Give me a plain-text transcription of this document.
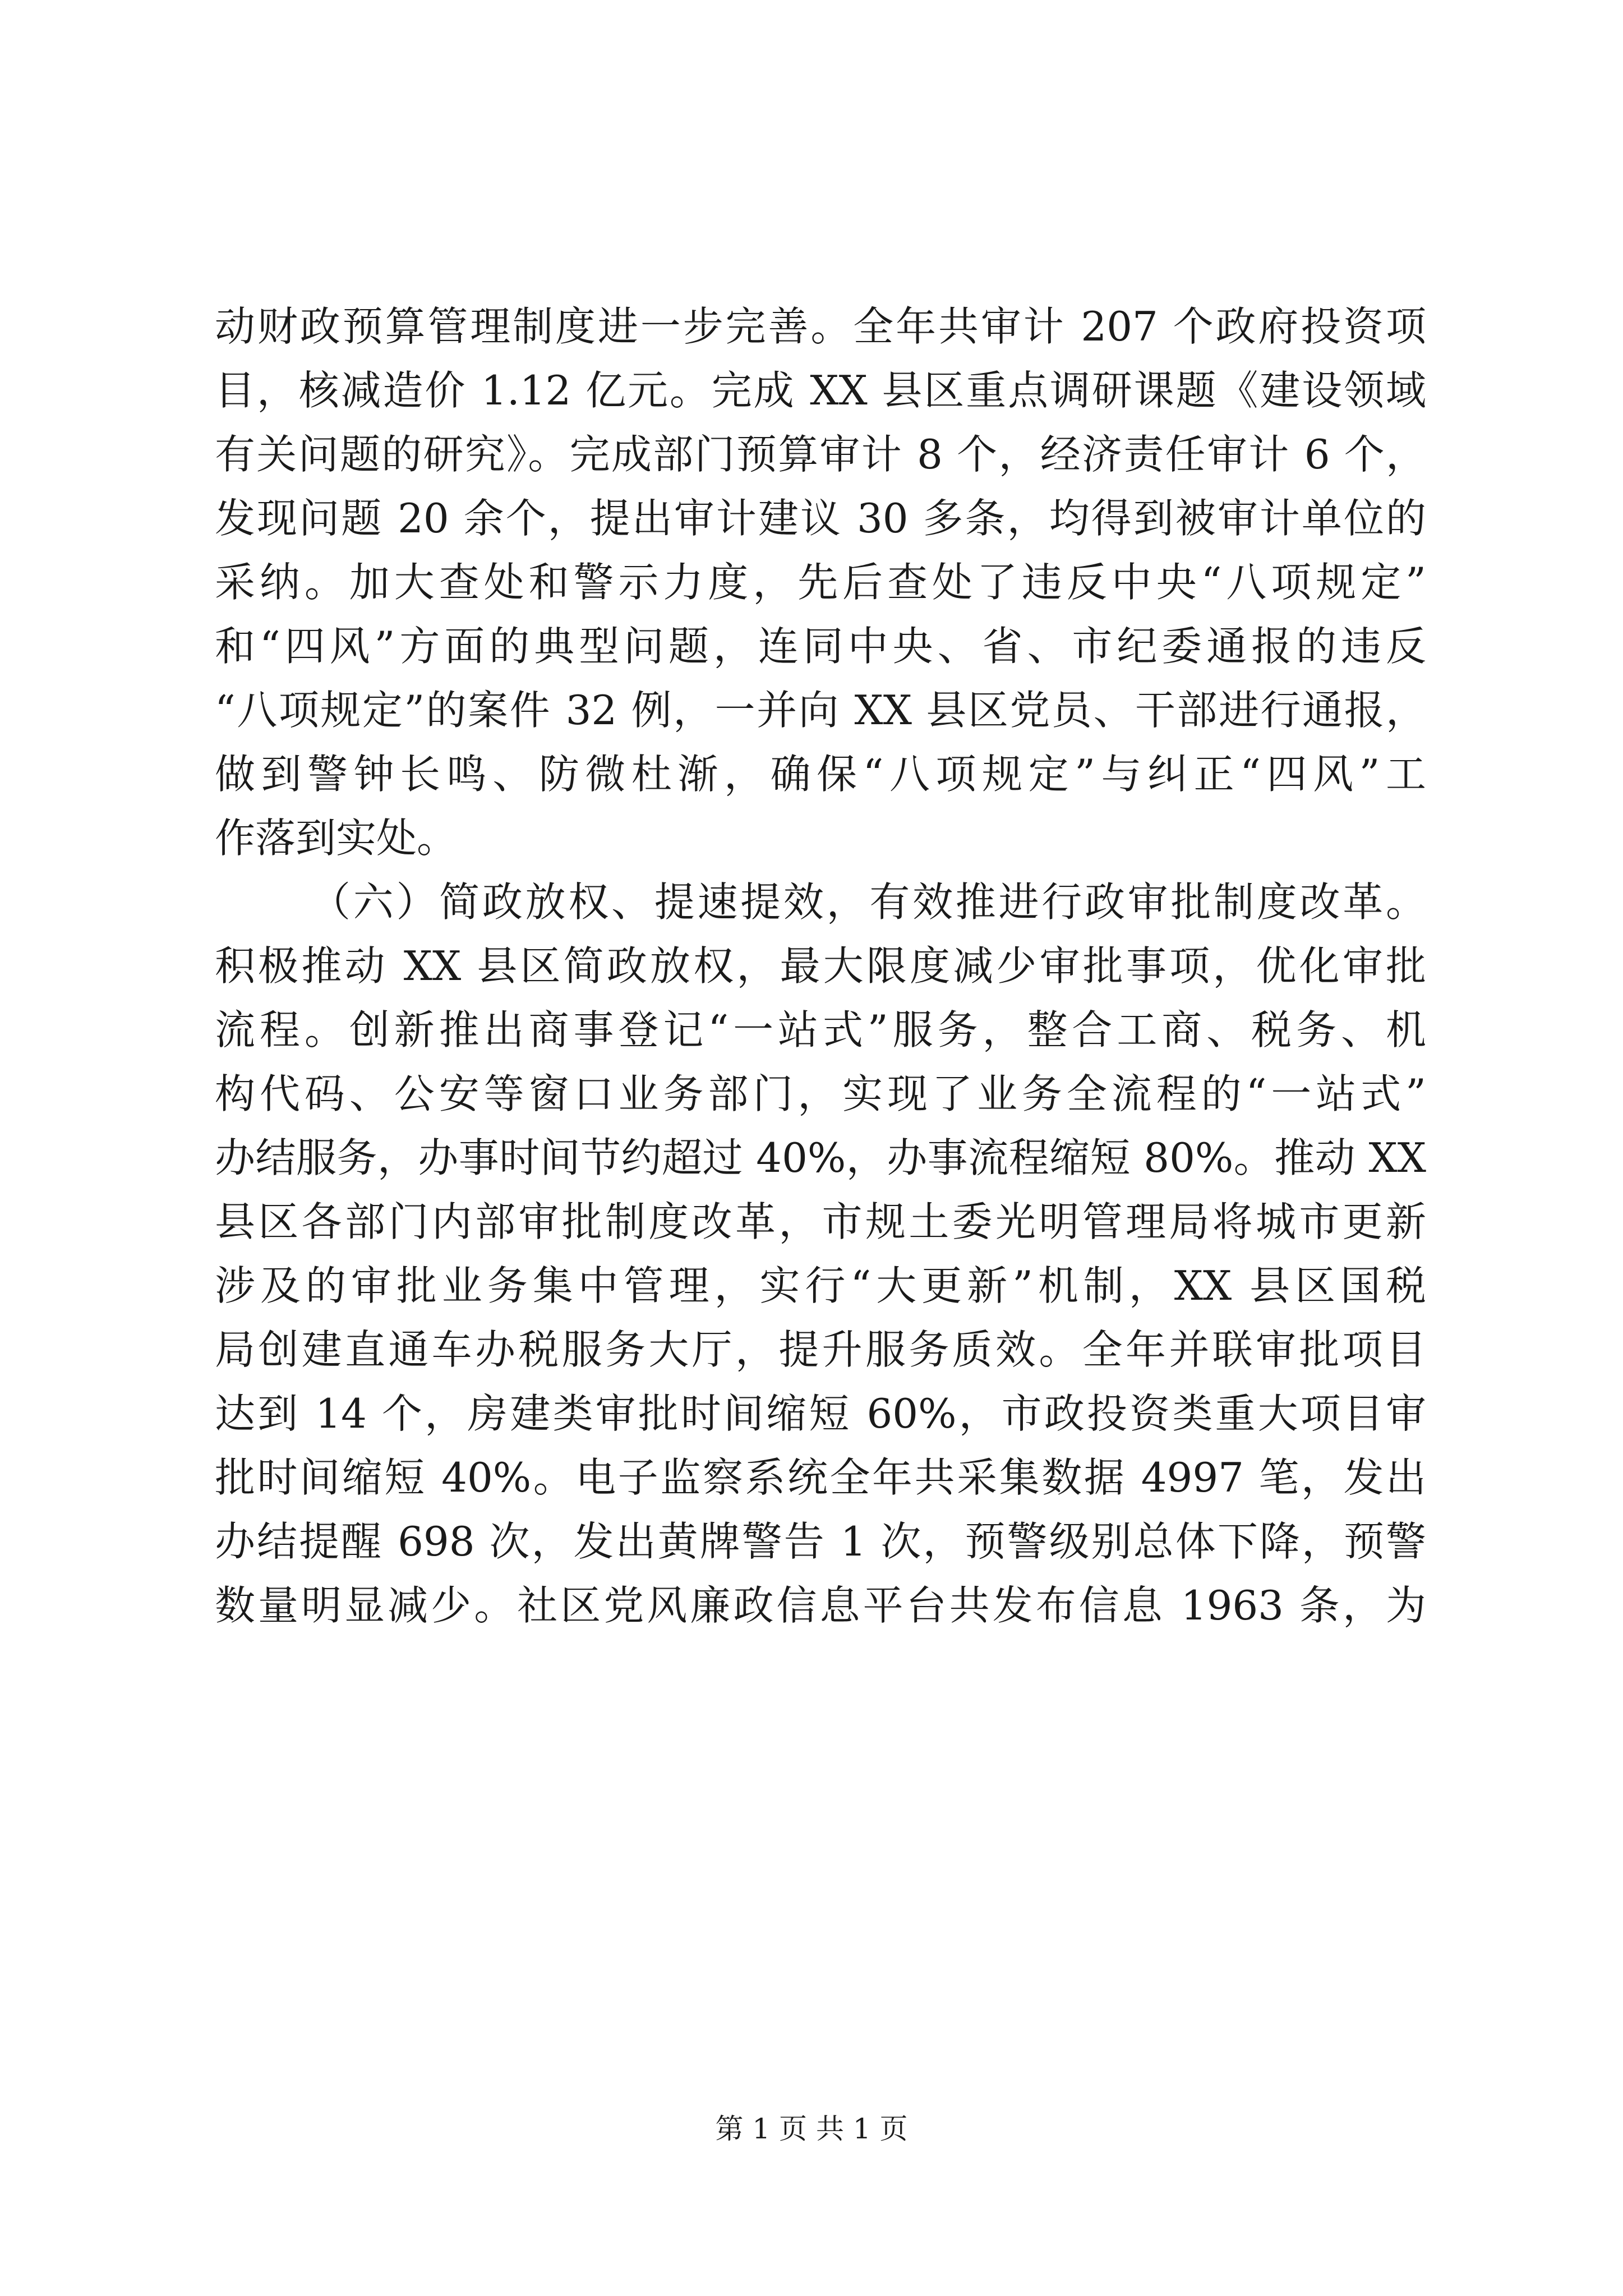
动财政预算管理制度进一步完善。全年共审计 207 个政府投资项
目，核减造价 1.12 亿元。完成 XX 县区重点调研课题《建设领域
有关问题的研究》。完成部门预算审计 8 个，经济责任审计 6 个，
发现问题 20 余个，提出审计建议 30 多条，均得到被审计单位的
采纳。加大查处和警示力度，先后查处了违反中央“八项规定”
和“四风”方面的典型问题，连同中央、省、市纪委通报的违反
“八项规定”的案件 32 例，一并向 XX 县区党员、干部进行通报，
做到警钟长鸣、防微杜渐，确保“八项规定”与纠正“四风”工
作落到实处。
（六）简政放权、提速提效，有效推进行政审批制度改革。
积极推动 XX 县区简政放权，最大限度减少审批事项，优化审批
流程。创新推出商事登记“一站式”服务，整合工商、税务、机
构代码、公安等窗口业务部门，实现了业务全流程的“一站式”
办结服务，办事时间节约超过 40%，办事流程缩短 80%。推动 XX
县区各部门内部审批制度改革，市规土委光明管理局将城市更新
涉及的审批业务集中管理，实行“大更新”机制，XX 县区国税
局创建直通车办税服务大厅，提升服务质效。全年并联审批项目
达到 14 个，房建类审批时间缩短 60%，市政投资类重大项目审
批时间缩短 40%。电子监察系统全年共采集数据 4997 笔，发出
办结提醒 698 次，发出黄牌警告 1 次，预警级别总体下降，预警
数量明显减少。社区党风廉政信息平台共发布信息 1963 条，为
第 1 页 共 1 页
